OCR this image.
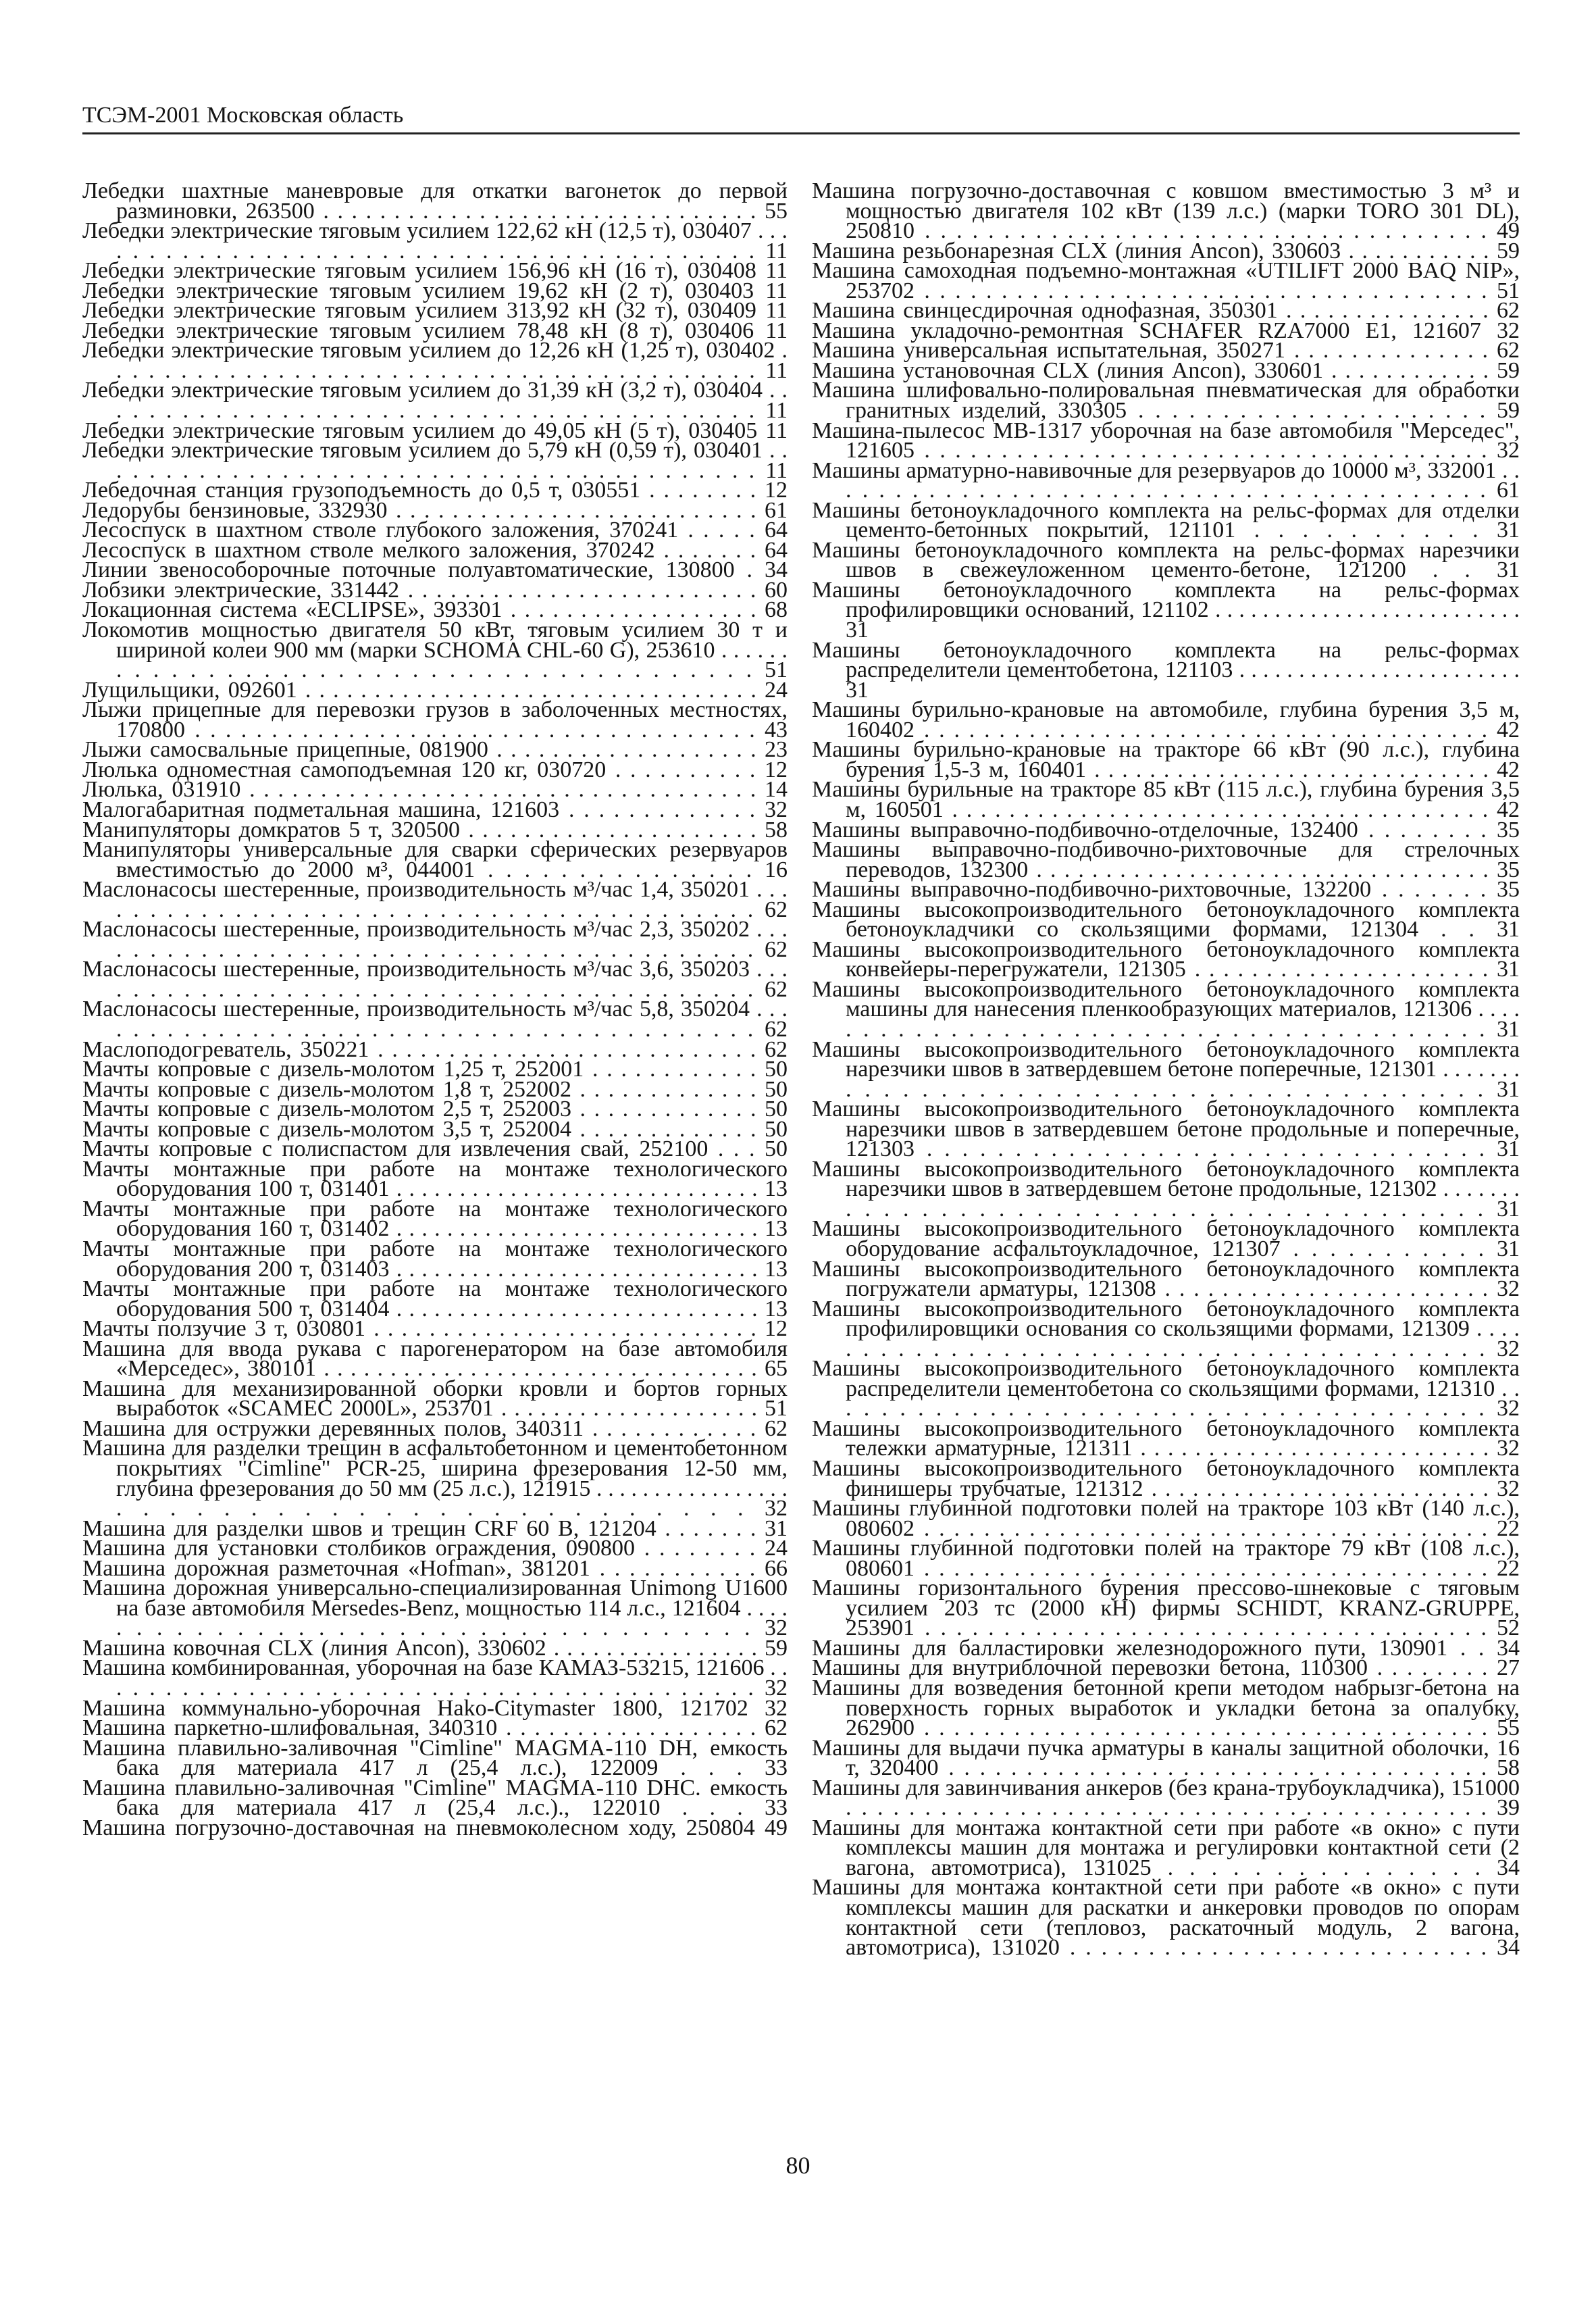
ТСЭМ-2001 Московская область

Лебедки шахтные маневровые для откатки вагонеток до первой разминовки, 263500 . . . . . . . . . . . . . . . . . . . . . . . . . . . . . . . 55

Лебедки электрические тяговым усилием 122,62 кН (12,5 т), 030407 . . . . . . . . . . . . . . . . . . . . . . . . . . . . . . . . . . . . . . . . . . 11

Лебедки электрические тяговым усилием 156,96 кН (16 т), 030408 11

Лебедки электрические тяговым усилием 19,62 кН (2 т), 030403 11

Лебедки электрические тяговым усилием 313,92 кН (32 т), 030409 11

Лебедки электрические тяговым усилием 78,48 кН (8 т), 030406 11

Лебедки электрические тяговым усилием до 12,26 кН (1,25 т), 030402 . . . . . . . . . . . . . . . . . . . . . . . . . . . . . . . . . . . . . . . . . 11

Лебедки электрические тяговым усилием до 31,39 кН (3,2 т), 030404 . . . . . . . . . . . . . . . . . . . . . . . . . . . . . . . . . . . . . . . . . 11

Лебедки электрические тяговым усилием до 49,05 кН (5 т), 030405 11

Лебедки электрические тяговым усилием до 5,79 кН (0,59 т), 030401 . . . . . . . . . . . . . . . . . . . . . . . . . . . . . . . . . . . . . . . . . 11

Лебедочная станция грузоподъемность до 0,5 т, 030551 . . . . . . . . 12

Ледорубы бензиновые, 332930 . . . . . . . . . . . . . . . . . . . . . . . . . . 61

Лесоспуск в шахтном стволе глубокого заложения, 370241 . . . . . 64

Лесоспуск в шахтном стволе мелкого заложения, 370242 . . . . . . . 64

Линии звенособорочные поточные полуавтоматические, 130800 . 34

Лобзики электрические, 331442 . . . . . . . . . . . . . . . . . . . . . . . . . 60

Локационная система «ECLIPSE», 393301 . . . . . . . . . . . . . . . . . . 68

Локомотив мощностью двигателя 50 кВт, тяговым усилием 30 т и шириной колеи 900 мм (марки SCHOMA CHL-60 G), 253610 . . . . . . . . . . . . . . . . . . . . . . . . . . . . . . . . . . . . . . . . . 51

Лущильщики, 092601 . . . . . . . . . . . . . . . . . . . . . . . . . . . . . . . . . 24

Лыжи прицепные для перевозки грузов в заболоченных местностях, 170800 . . . . . . . . . . . . . . . . . . . . . . . . . . . . . . . . . . . . . 43

Лыжи самосвальные прицепные, 081900 . . . . . . . . . . . . . . . . . . . 23

Люлька одноместная самоподъемная 120 кг, 030720 . . . . . . . . . . 12

Люлька, 031910 . . . . . . . . . . . . . . . . . . . . . . . . . . . . . . . . . . . . 14

Малогабаритная подметальная машина, 121603 . . . . . . . . . . . . . 32

Манипуляторы домкратов 5 т, 320500 . . . . . . . . . . . . . . . . . . . . . 58

Манипуляторы универсальные для сварки сферических резервуаров вместимостью до 2000 м³, 044001 . . . . . . . . . . . . . . . 16

Маслонасосы шестеренные, производительность м³/час 1,4, 350201 . . . . . . . . . . . . . . . . . . . . . . . . . . . . . . . . . . . . . . . . . 62

Маслонасосы шестеренные, производительность м³/час 2,3, 350202 . . . . . . . . . . . . . . . . . . . . . . . . . . . . . . . . . . . . . . . . . 62

Маслонасосы шестеренные, производительность м³/час 3,6, 350203 . . . . . . . . . . . . . . . . . . . . . . . . . . . . . . . . . . . . . . . . . 62

Маслонасосы шестеренные, производительность м³/час 5,8, 350204 . . . . . . . . . . . . . . . . . . . . . . . . . . . . . . . . . . . . . . . . . 62

Маслоподогреватель, 350221 . . . . . . . . . . . . . . . . . . . . . . . . . . . 62

Мачты копровые с дизель-молотом 1,25 т, 252001 . . . . . . . . . . . . 50

Мачты копровые с дизель-молотом 1,8 т, 252002 . . . . . . . . . . . . . 50

Мачты копровые с дизель-молотом 2,5 т, 252003 . . . . . . . . . . . . . 50

Мачты копровые с дизель-молотом 3,5 т, 252004 . . . . . . . . . . . . . 50

Мачты копровые с полиспастом для извлечения свай, 252100 . . . 50

Мачты монтажные при работе на монтаже технологического оборудования 100 т, 031401 . . . . . . . . . . . . . . . . . . . . . . . . . . . . . 13

Мачты монтажные при работе на монтаже технологического оборудования 160 т, 031402 . . . . . . . . . . . . . . . . . . . . . . . . . . . . . 13

Мачты монтажные при работе на монтаже технологического оборудования 200 т, 031403 . . . . . . . . . . . . . . . . . . . . . . . . . . . . . 13

Мачты монтажные при работе на монтаже технологического оборудования 500 т, 031404 . . . . . . . . . . . . . . . . . . . . . . . . . . . . . 13

Мачты ползучие 3 т, 030801 . . . . . . . . . . . . . . . . . . . . . . . . . . . . 12

Машина для ввода рукава с парогенератором на базе автомобиля «Мерседес», 380101 . . . . . . . . . . . . . . . . . . . . . . . . . . . . . . . . . 65

Машина для механизированной оборки кровли и бортов горных выработок «SCAMEC 2000L», 253701 . . . . . . . . . . . . . . . . . . . . 51

Машина для остружки деревянных полов, 340311 . . . . . . . . . . . . 62

Машина для разделки трещин в асфальтобетонном и цементобетонном покрытиях "Cimline" PCR-25, ширина фрезерования 12-50 мм, глубина фрезерования до 50 мм (25 л.с.), 121915 . . . . . . . . . . . . . . . . . . . . . . . . . . . . . . . . . . . . . . . . . 32

Машина для разделки швов и трещин CRF 60 B, 121204 . . . . . . . 31

Машина для установки столбиков ограждения, 090800 . . . . . . . . 24

Машина дорожная разметочная «Hofman», 381201 . . . . . . . . . . . 66

Машина дорожная универсально-специализированная Unimong U1600 на базе автомобиля Mersedes-Benz, мощностью 114 л.с., 121604 . . . . . . . . . . . . . . . . . . . . . . . . . . . . . . . . . . . . 32

Машина ковочная CLX (линия Ancon), 330602 . . . . . . . . . . . . . . . . 59

Машина комбинированная, уборочная на базе КАМАЗ-53215, 121606 . . . . . . . . . . . . . . . . . . . . . . . . . . . . . . . . . . . . . . . . . 32

Машина коммунально-уборочная Hako-Citymaster 1800, 121702 32

Машина паркетно-шлифовальная, 340310 . . . . . . . . . . . . . . . . . . 62

Машина плавильно-заливочная "Cimline" MAGMA-110 DH, емкость бака для материала 417 л (25,4 л.с.), 122009 . . . 33

Машина плавильно-заливочная "Cimline" MAGMA-110 DHC. емкость бака для материала 417 л (25,4 л.с.)., 122010 . . . 33

Машина погрузочно-доставочная на пневмоколесном ходу, 250804 49

Машина погрузочно-доставочная с ковшом вместимостью 3 м³ и мощностью двигателя 102 кВт (139 л.с.) (марки TORO 301 DL), 250810 . . . . . . . . . . . . . . . . . . . . . . . . . . . . . . . . . . . . 49

Машина резьбонарезная CLX (линия Ancon), 330603 . . . . . . . . . . . 59

Машина самоходная подъемно-монтажная «UTILIFT 2000 BAQ NIP», 253702 . . . . . . . . . . . . . . . . . . . . . . . . . . . . . . . . . . . . . 51

Машина свинцесдирочная однофазная, 350301 . . . . . . . . . . . . . . . 62

Машина укладочно-ремонтная SCHAFER RZA7000 E1, 121607 32

Машина универсальная испытательная, 350271 . . . . . . . . . . . . . . 62

Машина установочная CLX (линия Ancon), 330601 . . . . . . . . . . . . 59

Машина шлифовально-полировальная пневматическая для обработки гранитных изделий, 330305 . . . . . . . . . . . . . . . . . . . . . 59

Машина-пылесос МВ-1317 уборочная на базе автомобиля "Мерседес", 121605 . . . . . . . . . . . . . . . . . . . . . . . . . . . . . . . . . . . . . 32

Машины арматурно-навивочные для резервуаров до 10000 м³, 332001 . . . . . . . . . . . . . . . . . . . . . . . . . . . . . . . . . . . . . . . . . 61

Машины бетоноукладочного комплекта на рельс-формах для отделки цементо-бетонных покрытий, 121101 . . . . . . . . . . 31

Машины бетоноукладочного комплекта на рельс-формах нарезчики швов в свежеуложенном цементо-бетоне, 121200 . . 31

Машины бетоноукладочного комплекта на рельс-формах профилировщики оснований, 121102 . . . . . . . . . . . . . . . . . . . . . . . . . . 31

Машины бетоноукладочного комплекта на рельс-формах распределители цементобетона, 121103 . . . . . . . . . . . . . . . . . . . . . . . . 31

Машины бурильно-крановые на автомобиле, глубина бурения 3,5 м, 160402 . . . . . . . . . . . . . . . . . . . . . . . . . . . . . . . . . . . . . . 42

Машины бурильно-крановые на тракторе 66 кВт (90 л.с.), глубина бурения 1,5-3 м, 160401 . . . . . . . . . . . . . . . . . . . . . . . . . . . . . 42

Машины бурильные на тракторе 85 кВт (115 л.с.), глубина бурения 3,5 м, 160501 . . . . . . . . . . . . . . . . . . . . . . . . . . . . . . . . . . . . . . 42

Машины выправочно-подбивочно-отделочные, 132400 . . . . . . . . 35

Машины выправочно-подбивочно-рихтовочные для стрелочных переводов, 132300 . . . . . . . . . . . . . . . . . . . . . . . . . . . . . . . . . 35

Машины выправочно-подбивочно-рихтовочные, 132200 . . . . . . . 35

Машины высокопроизводительного бетоноукладочного комплекта бетоноукладчики со скользящими формами, 121304 . . 31

Машины высокопроизводительного бетоноукладочного комплекта конвейеры-перегружатели, 121305 . . . . . . . . . . . . . . . . . . . . . 31

Машины высокопроизводительного бетоноукладочного комплекта машины для нанесения пленкообразующих материалов, 121306 . . . . . . . . . . . . . . . . . . . . . . . . . . . . . . . . . . . . . . . . . 31

Машины высокопроизводительного бетоноукладочного комплекта нарезчики швов в затвердевшем бетоне поперечные, 121301 . . . . . . . . . . . . . . . . . . . . . . . . . . . . . . . . . . . . . . . . . 31

Машины высокопроизводительного бетоноукладочного комплекта нарезчики швов в затвердевшем бетоне продольные и поперечные, 121303 . . . . . . . . . . . . . . . . . . . . . . . . . . . . . . . . 31

Машины высокопроизводительного бетоноукладочного комплекта нарезчики швов в затвердевшем бетоне продольные, 121302 . . . . . . . . . . . . . . . . . . . . . . . . . . . . . . . . . . . . . . . . . 31

Машины высокопроизводительного бетоноукладочного комплекта оборудование асфальтоукладочное, 121307 . . . . . . . . . . . 31

Машины высокопроизводительного бетоноукладочного комплекта погружатели арматуры, 121308 . . . . . . . . . . . . . . . . . . . . . . . 32

Машины высокопроизводительного бетоноукладочного комплекта профилировщики основания со скользящими формами, 121309 . . . . . . . . . . . . . . . . . . . . . . . . . . . . . . . . . . . . . . . . . 32

Машины высокопроизводительного бетоноукладочного комплекта распределители цементобетона со скользящими формами, 121310 . . . . . . . . . . . . . . . . . . . . . . . . . . . . . . . . . . . . . . 32

Машины высокопроизводительного бетоноукладочного комплекта тележки арматурные, 121311 . . . . . . . . . . . . . . . . . . . . . . . . . . 32

Машины высокопроизводительного бетоноукладочного комплекта финишеры трубчатые, 121312 . . . . . . . . . . . . . . . . . . . . . . . . . 32

Машины глубинной подготовки полей на тракторе 103 кВт (140 л.с.), 080602 . . . . . . . . . . . . . . . . . . . . . . . . . . . . . . . . . . . . . . 22

Машины глубинной подготовки полей на тракторе 79 кВт (108 л.с.), 080601 . . . . . . . . . . . . . . . . . . . . . . . . . . . . . . . . . . . . . . 22

Машины горизонтального бурения прессово-шнековые с тяговым усилием 203 тс (2000 кН) фирмы SCHIDT, KRANZ-GRUPPE, 253901 . . . . . . . . . . . . . . . . . . . . . . . . . . . . . . . . . . . . 52

Машины для балластировки железнодорожного пути, 130901 . . 34

Машины для внутриблочной перевозки бетона, 110300 . . . . . . . . 27

Машины для возведения бетонной крепи методом набрызг-бетона на поверхность горных выработок и укладки бетона за опалубку, 262900 . . . . . . . . . . . . . . . . . . . . . . . . . . . . . . . . . . . . . . 55

Машины для выдачи пучка арматуры в каналы защитной оболочки, 16 т, 320400 . . . . . . . . . . . . . . . . . . . . . . . . . . . . . . . . . . . 58

Машины для завинчивания анкеров (без крана-трубоукладчика), 151000 . . . . . . . . . . . . . . . . . . . . . . . . . . . . . . . . . . . . . . . . . 39

Машины для монтажа контактной сети при работе «в окно» с пути комплексы машин для монтажа и регулировки контактной сети (2 вагона, автомотриса), 131025 . . . . . . . . . . . . . . . 34

Машины для монтажа контактной сети при работе «в окно» с пути комплексы машин для раскатки и анкеровки проводов по опорам контактной сети (тепловоз, раскаточный модуль, 2 вагона, автомотриса), 131020 . . . . . . . . . . . . . . . . . . . . . . . . . . . 34

80
